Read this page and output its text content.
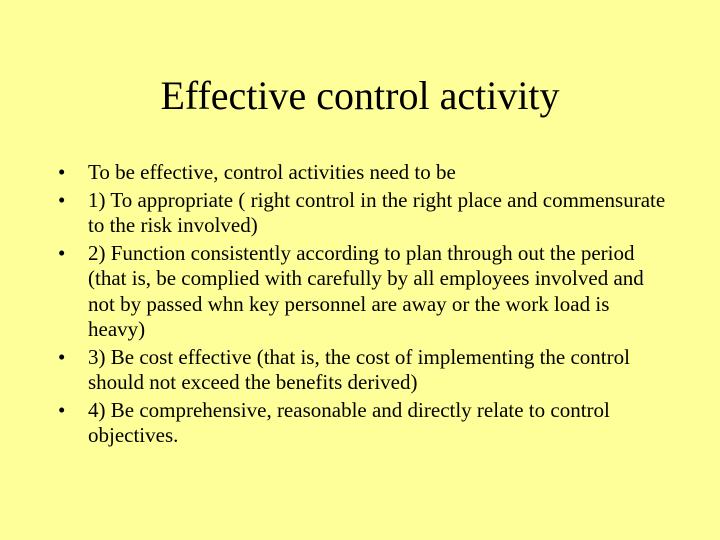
Effective control activity
•	To be effective, control activities need to be
•	1) To appropriate ( right control in the right place and commensurate to the risk involved)
•	2) Function consistently according to plan through out the period (that is, be complied with carefully by all employees involved and not by passed whn key personnel are away or the work load is heavy)
•	3) Be cost effective (that is, the cost of implementing the control should not exceed the benefits derived)
•	4) Be comprehensive, reasonable and directly relate to control objectives.
